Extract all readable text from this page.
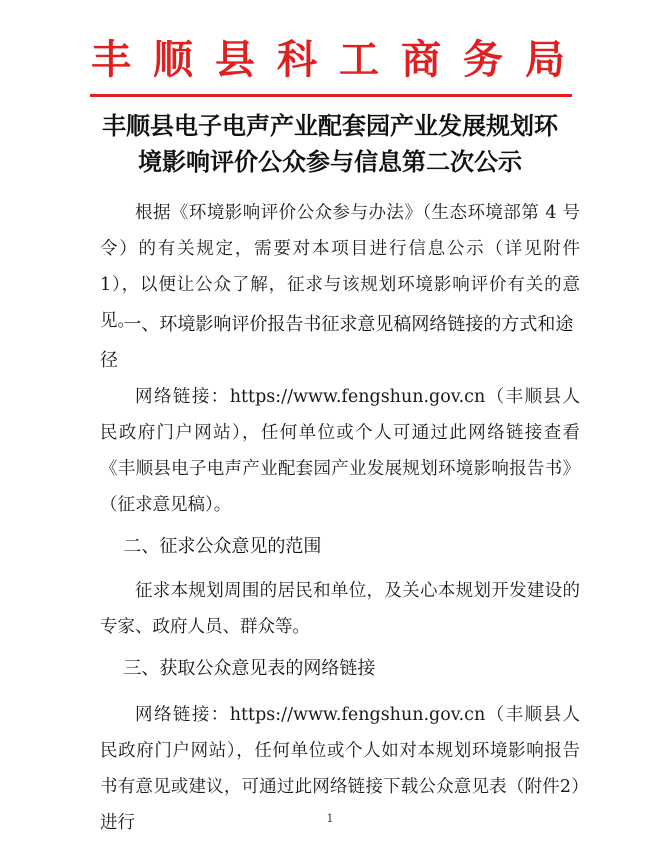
丰顺县科工商务局
丰顺县电子电声产业配套园产业发展规划环
境影响评价公众参与信息第二次公示

根据《环境影响评价公众参与办法》（生态环境部第 4 号令）的有关规定，需要对本项目进行信息公示（详见附件 1），以便让公众了解，征求与该规划环境影响评价有关的意见。

一、环境影响评价报告书征求意见稿网络链接的方式和途径

网络链接：https://www.fengshun.gov.cn（丰顺县人民政府门户网站），任何单位或个人可通过此网络链接查看《丰顺县电子电声产业配套园产业发展规划环境影响报告书》（征求意见稿）。

二、征求公众意见的范围

征求本规划周围的居民和单位，及关心本规划开发建设的专家、政府人员、群众等。

三、获取公众意见表的网络链接

网络链接：https://www.fengshun.gov.cn（丰顺县人民政府门户网站），任何单位或个人如对本规划环境影响报告书有意见或建议，可通过此网络链接下载公众意见表（附件2）进行	1
